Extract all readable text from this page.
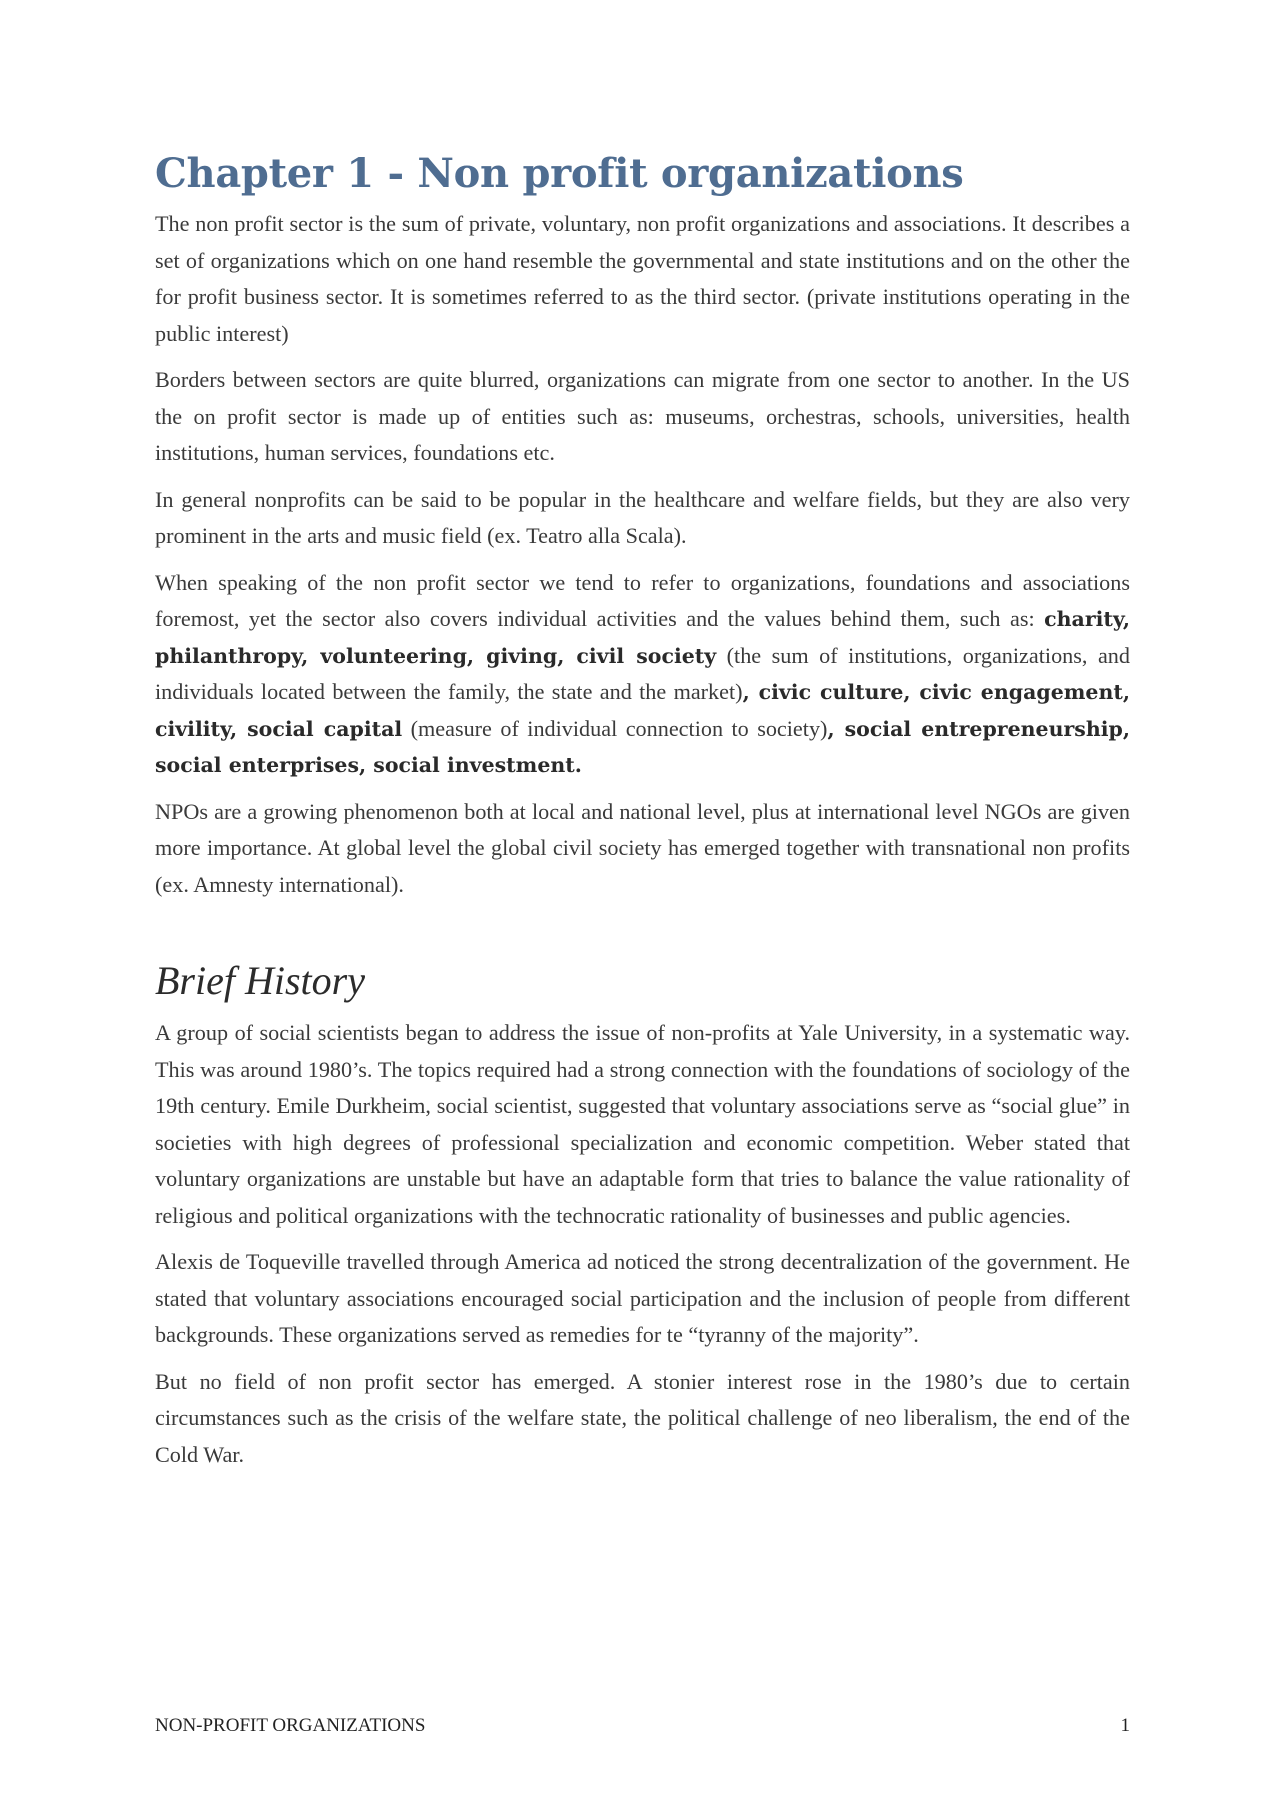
Chapter 1 - Non profit organizations

The non profit sector is the sum of private, voluntary, non profit organizations and associations. It describes a set of organizations which on one hand resemble the governmental and state institutions and on the other the for profit business sector. It is sometimes referred to as the third sector. (private institutions operating in the public interest)

Borders between sectors are quite blurred, organizations can migrate from one sector to another. In the US the on profit sector is made up of entities such as: museums, orchestras, schools, universities, health institutions, human services, foundations etc.

In general nonprofits can be said to be popular in the healthcare and welfare fields, but they are also very prominent in the arts and music field (ex. Teatro alla Scala).

When speaking of the non profit sector we tend to refer to organizations, foundations and associations foremost, yet the sector also covers individual activities and the values behind them, such as: charity, philanthropy, volunteering, giving, civil society (the sum of institutions, organizations, and individuals located between the family, the state and the market), civic culture, civic engagement, civility, social capital (measure of individual connection to society), social entrepreneurship, social enterprises, social investment.

NPOs are a growing phenomenon both at local and national level, plus at international level NGOs are given more importance. At global level the global civil society has emerged together with transnational non profits (ex. Amnesty international).

Brief History

A group of social scientists began to address the issue of non-profits at Yale University, in a systematic way. This was around 1980’s. The topics required had a strong connection with the foundations of sociology of the 19th century. Emile Durkheim, social scientist, suggested that voluntary associations serve as “social glue” in societies with high degrees of professional specialization and economic competition. Weber stated that voluntary organizations are unstable but have an adaptable form that tries to balance the value rationality of religious and political organizations with the technocratic rationality of businesses and public agencies.

Alexis de Toqueville travelled through America ad noticed the strong decentralization of the government. He stated that voluntary associations encouraged social participation and the inclusion of people from different backgrounds. These organizations served as remedies for te “tyranny of the majority”.

But no field of non profit sector has emerged. A stonier interest rose in the 1980’s due to certain circumstances such as the crisis of the welfare state, the political challenge of neo liberalism, the end of the Cold War.

NON-PROFIT ORGANIZATIONS	1
